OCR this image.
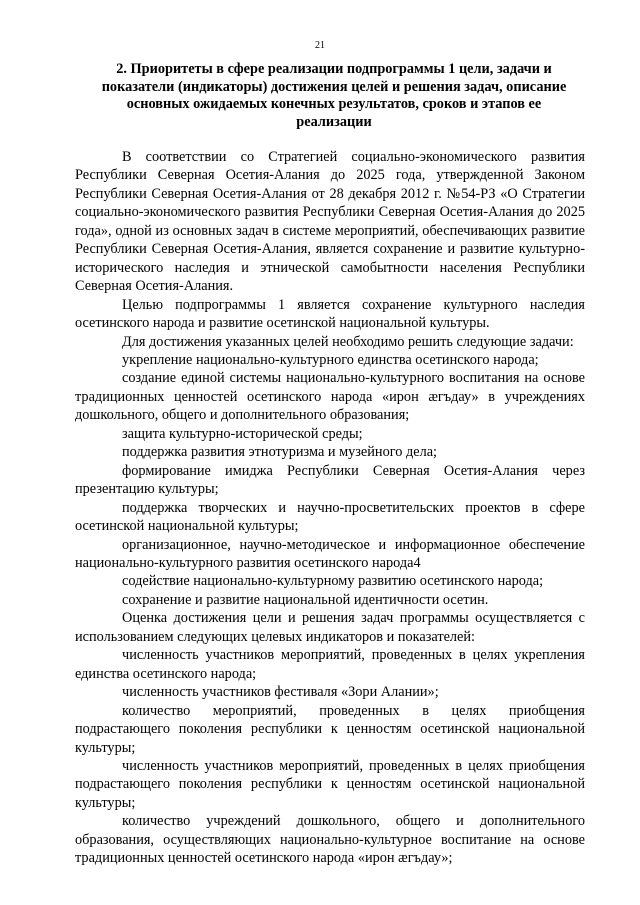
21
2. Приоритеты в сфере реализации подпрограммы 1 цели, задачи и показатели (индикаторы) достижения целей и решения задач, описание основных ожидаемых конечных результатов, сроков и этапов ее реализации

В соответствии со Стратегией социально-экономического развития Республики Северная Осетия-Алания до 2025 года, утвержденной Законом Республики Северная Осетия-Алания от 28 декабря 2012 г. №54-РЗ «О Стратегии социально-экономического развития Республики Северная Осетия-Алания до 2025 года», одной из основных задач в системе мероприятий, обеспечивающих развитие Республики Северная Осетия-Алания, является сохранение и развитие культурно-исторического наследия и этнической самобытности населения Республики Северная Осетия-Алания.

Целью подпрограммы 1 является сохранение культурного наследия осетинского народа и развитие осетинской национальной культуры.

Для достижения указанных целей необходимо решить следующие задачи:

укрепление национально-культурного единства осетинского народа;

создание единой системы национально-культурного воспитания на основе традиционных ценностей осетинского народа «ирон æгъдау» в учреждениях дошкольного, общего и дополнительного образования;

защита культурно-исторической среды;

поддержка развития этнотуризма и музейного дела;

формирование имиджа Республики Северная Осетия-Алания через презентацию культуры;

поддержка творческих и научно-просветительских проектов в сфере осетинской национальной культуры;

организационное, научно-методическое и информационное обеспечение национально-культурного развития осетинского народа4

содействие национально-культурному развитию осетинского народа;

сохранение и развитие национальной идентичности осетин.

Оценка достижения цели и решения задач программы осуществляется с использованием следующих целевых индикаторов и показателей:

численность участников мероприятий, проведенных в целях укрепления единства осетинского народа;

численность участников фестиваля «Зори Алании»;

количество мероприятий, проведенных в целях приобщения подрастающего поколения республики к ценностям осетинской национальной культуры;

численность участников мероприятий, проведенных в целях приобщения подрастающего поколения республики к ценностям осетинской национальной культуры;

количество учреждений дошкольного, общего и дополнительного образования, осуществляющих национально-культурное воспитание на основе традиционных ценностей осетинского народа «ирон æгъдау»;
